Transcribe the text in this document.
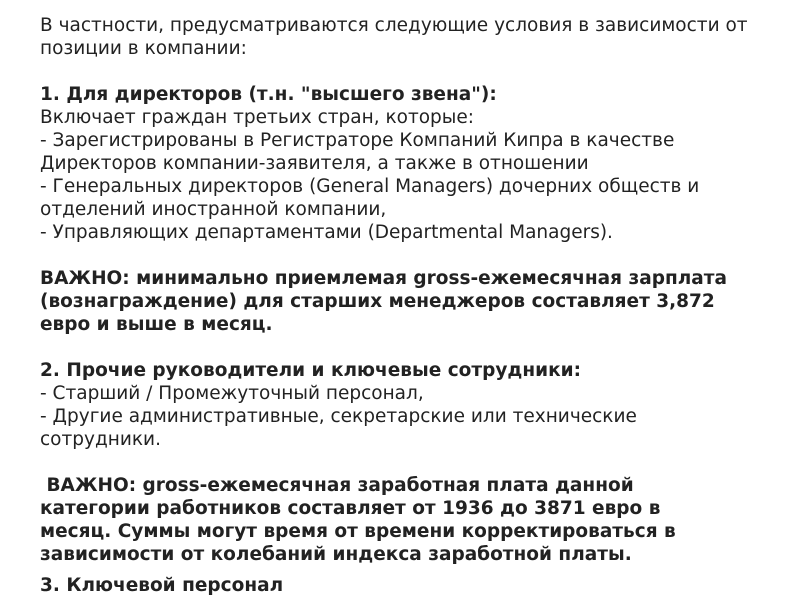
В частности, предусматриваются следующие условия в зависимости от
позиции в компании:
1. Для директоров (т.н. "высшего звена"):
Включает граждан третьих стран, которые:
- Зарегистрированы в Регистраторе Компаний Кипра в качестве
Директоров компании-заявителя, а также в отношении
- Генеральных директоров (General Managers) дочерних обществ и
отделений иностранной компании,
- Управляющих департаментами (Departmental Managers).
ВАЖНО: минимально приемлемая gross-ежемесячная зарплата
(вознаграждение) для старших менеджеров составляет 3,872
евро и выше в месяц.
2. Прочие руководители и ключевые сотрудники:
- Старший / Промежуточный персонал,
- Другие административные, секретарские или технические
сотрудники.
ВАЖНО: gross-ежемесячная заработная плата данной
категории работников составляет от 1936 до 3871 евро в
месяц. Суммы могут время от времени корректироваться в
зависимости от колебаний индекса заработной платы.
3. Ключевой персонал
